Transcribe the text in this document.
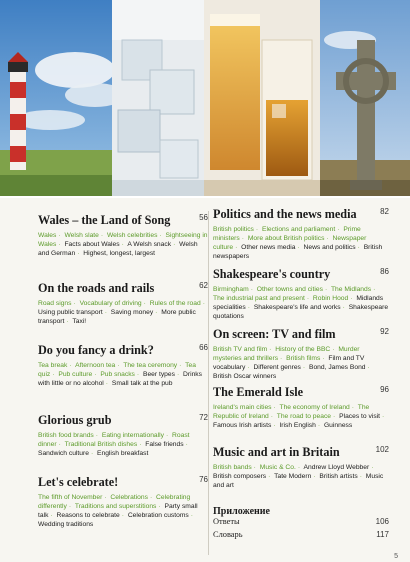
Wales – the Land of Song	56
Wales · Welsh slate · Welsh celebrities · Sightseeing in Wales · Facts about Wales · A Welsh snack · Welsh and German · Highest, longest, largest
On the roads and rails	62
Road signs · Vocabulary of driving · Rules of the road · Using public transport · Saving money · More public transport · Taxi!
Do you fancy a drink?	66
Tea break · Afternoon tea · The tea ceremony · Tea quiz · Pub culture · Pub snacks · Beer types · Drinks with little or no alcohol · Small talk at the pub
Glorious grub	72
British food brands · Eating internationally · Roast dinner · Traditional British dishes · False friends · Sandwich culture · English breakfast
Let's celebrate!	76
The fifth of November · Celebrations · Celebrating differently · Traditions and superstitions · Party small talk · Reasons to celebrate · Celebration customs · Wedding traditions
Politics and the news media	82
British politics · Elections and parliament · Prime ministers · More about British politics · Newspaper culture · Other news media · News and politics · British newspapers
Shakespeare's country	86
Birmingham · Other towns and cities · The Midlands · The industrial past and present · Robin Hood · Midlands specialities · Shakespeare's life and works · Shakespeare quotations
On screen: TV and film	92
British TV and film · History of the BBC · Murder mysteries and thrillers · British films · Film and TV vocabulary · Different genres · Bond, James Bond · British Oscar winners
The Emerald Isle	96
Ireland's main cities · The economy of Ireland · The Republic of Ireland · The road to peace · Places to visit · Famous Irish artists · Irish English · Guinness
Music and art in Britain	102
British bands · Music & Co. · Andrew Lloyd Webber · British composers · Tate Modern · British artists · Music and art
Приложение
Ответы	106
Словарь	117
5
